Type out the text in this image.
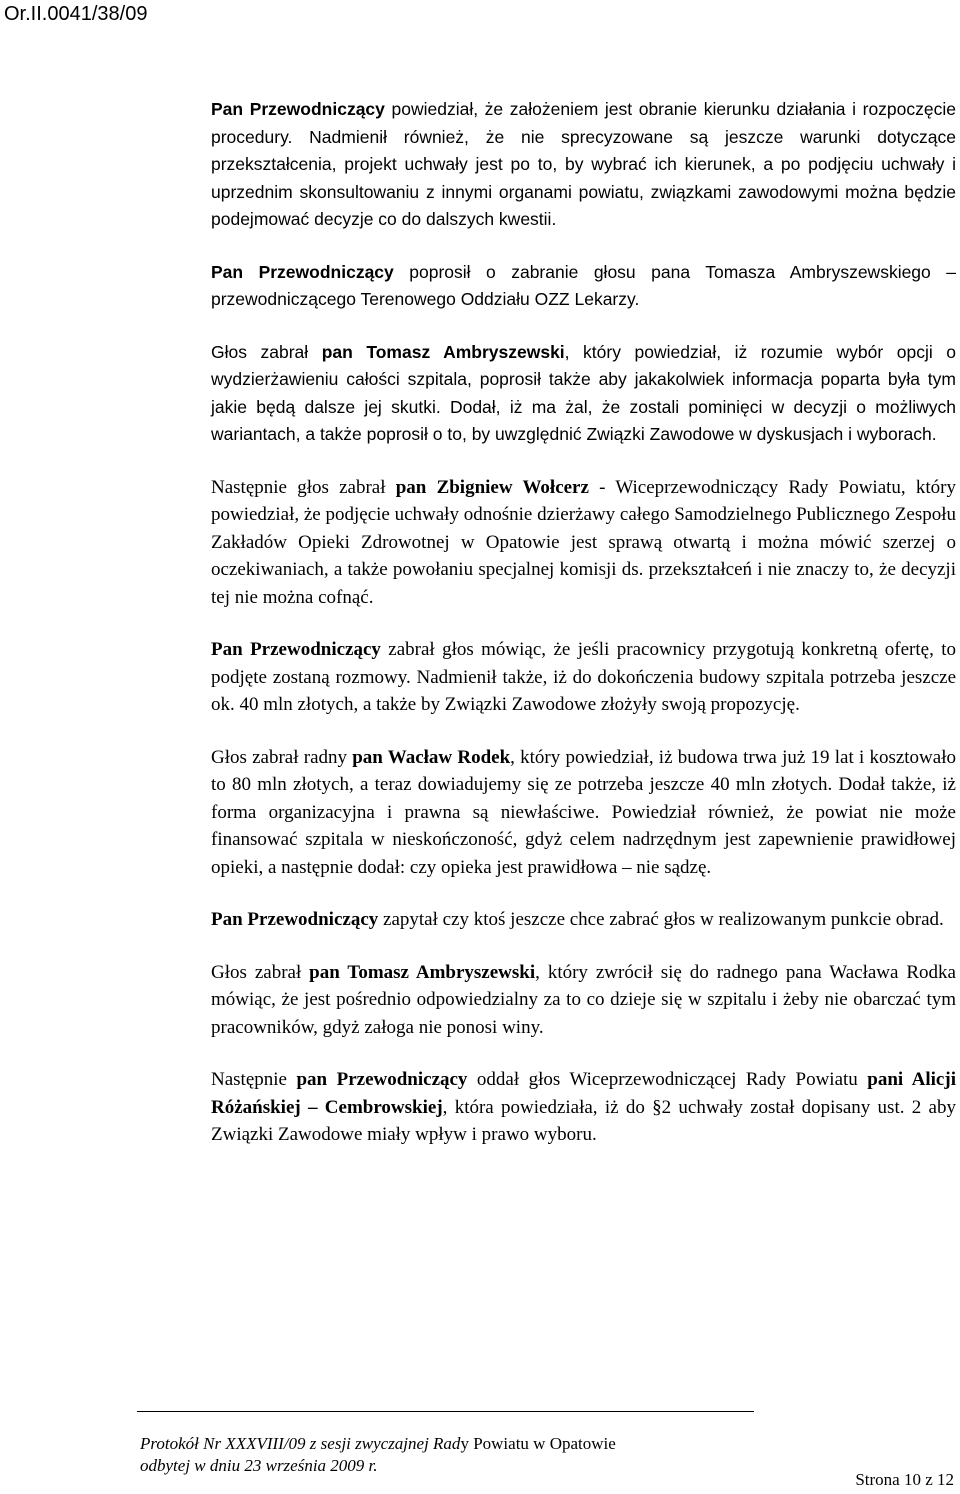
Or.II.0041/38/09

Pan Przewodniczący powiedział, że założeniem jest obranie kierunku działania i rozpoczęcie procedury. Nadmienił również, że nie sprecyzowane są jeszcze warunki dotyczące przekształcenia, projekt uchwały jest po to, by wybrać ich kierunek, a po podjęciu uchwały i uprzednim skonsultowaniu z innymi organami powiatu, związkami zawodowymi można będzie podejmować decyzje co do dalszych kwestii.

Pan Przewodniczący poprosił o zabranie głosu pana Tomasza Ambryszewskiego – przewodniczącego Terenowego Oddziału OZZ Lekarzy.

Głos zabrał pan Tomasz Ambryszewski, który powiedział, iż rozumie wybór opcji o wydzierżawieniu całości szpitala, poprosił także aby jakakolwiek informacja poparta była tym jakie będą dalsze jej skutki. Dodał, iż ma żal, że zostali pominięci w decyzji o możliwych wariantach, a także poprosił o to, by uwzględnić Związki Zawodowe w dyskusjach i wyborach.

Następnie głos zabrał pan Zbigniew Wołcerz - Wiceprzewodniczący Rady Powiatu, który powiedział, że podjęcie uchwały odnośnie dzierżawy całego Samodzielnego Publicznego Zespołu Zakładów Opieki Zdrowotnej w Opatowie jest sprawą otwartą i można mówić szerzej o oczekiwaniach, a także powołaniu specjalnej komisji ds. przekształceń i nie znaczy to, że decyzji tej nie można cofnąć.

Pan Przewodniczący zabrał głos mówiąc, że jeśli pracownicy przygotują konkretną ofertę, to podjęte zostaną rozmowy. Nadmienił także, iż do dokończenia budowy szpitala potrzeba jeszcze ok. 40 mln złotych, a także by Związki Zawodowe złożyły swoją propozycję.

Głos zabrał radny pan Wacław Rodek, który powiedział, iż budowa trwa już 19 lat i kosztowało to 80 mln złotych, a teraz dowiadujemy się ze potrzeba jeszcze 40 mln złotych. Dodał także, iż forma organizacyjna i prawna są niewłaściwe. Powiedział również, że powiat nie może finansować szpitala w nieskończoność, gdyż celem nadrzędnym jest zapewnienie prawidłowej opieki, a następnie dodał: czy opieka jest prawidłowa – nie sądzę.

Pan Przewodniczący zapytał czy ktoś jeszcze chce zabrać głos w realizowanym punkcie obrad.

Głos zabrał pan Tomasz Ambryszewski, który zwrócił się do radnego pana Wacława Rodka mówiąc, że jest pośrednio odpowiedzialny za to co dzieje się w szpitalu i żeby nie obarczać tym pracowników, gdyż załoga nie ponosi winy.

Następnie pan Przewodniczący oddał głos Wiceprzewodniczącej Rady Powiatu pani Alicji Różańskiej – Cembrowskiej, która powiedziała, iż do §2 uchwały został dopisany ust. 2 aby Związki Zawodowe miały wpływ i prawo wyboru.

Protokół Nr XXXVIII/09 z sesji zwyczajnej Rady Powiatu w Opatowie
odbytej w dniu 23 września 2009 r.
Strona 10 z 12
